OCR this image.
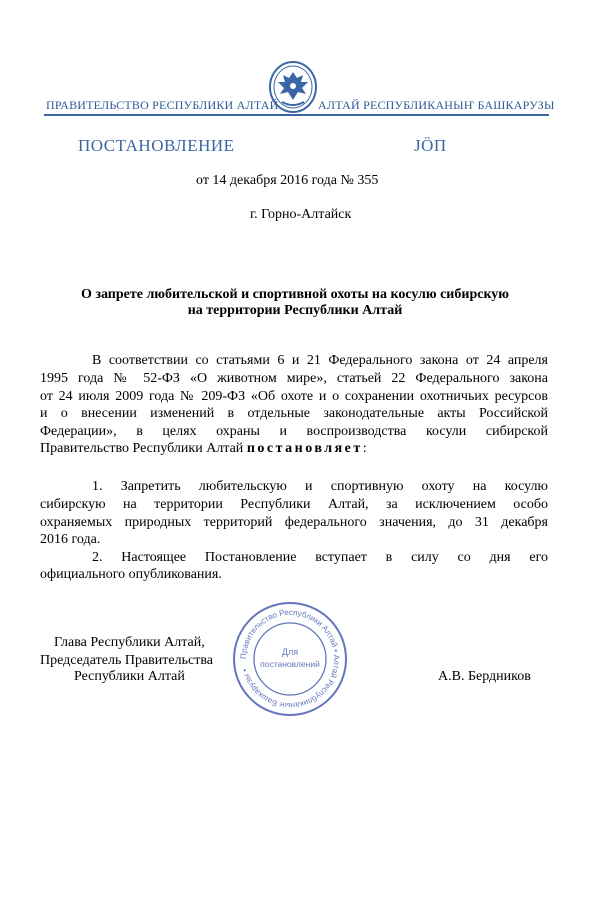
ПРАВИТЕЛЬСТВО РЕСПУБЛИКИ АЛТАЙ	АЛТАЙ РЕСПУБЛИКАНЫҤ БАШКАРУЗЫ
ПОСТАНОВЛЕНИЕ	JӦП
от 14 декабря 2016 года № 355
г. Горно-Алтайск
О запрете любительской и спортивной охоты на косулю сибирскую
на территории Республики Алтай
В соответствии со статьями 6 и 21 Федерального закона от 24 апреля
1995 года № 52-ФЗ «О животном мире», статьей 22 Федерального закона
от 24 июля 2009 года № 209-ФЗ «Об охоте и о сохранении охотничьих ресурсов
и о внесении изменений в отдельные законодательные акты Российской
Федерации», в целях охраны и воспроизводства косули сибирской
Правительство Республики Алтай постановляет:
1. Запретить любительскую и спортивную охоту на косулю
сибирскую на территории Республики Алтай, за исключением особо
охраняемых природных территорий федерального значения, до 31 декабря
2016 года.
2. Настоящее Постановление вступает в силу со дня его
официального опубликования.
Глава Республики Алтай,
Председатель Правительства
Республики Алтай	А.В. Бердников
Правительство Республики Алтай • Алтай Республиканыҥ Башкарузы •
Для
постановлений
